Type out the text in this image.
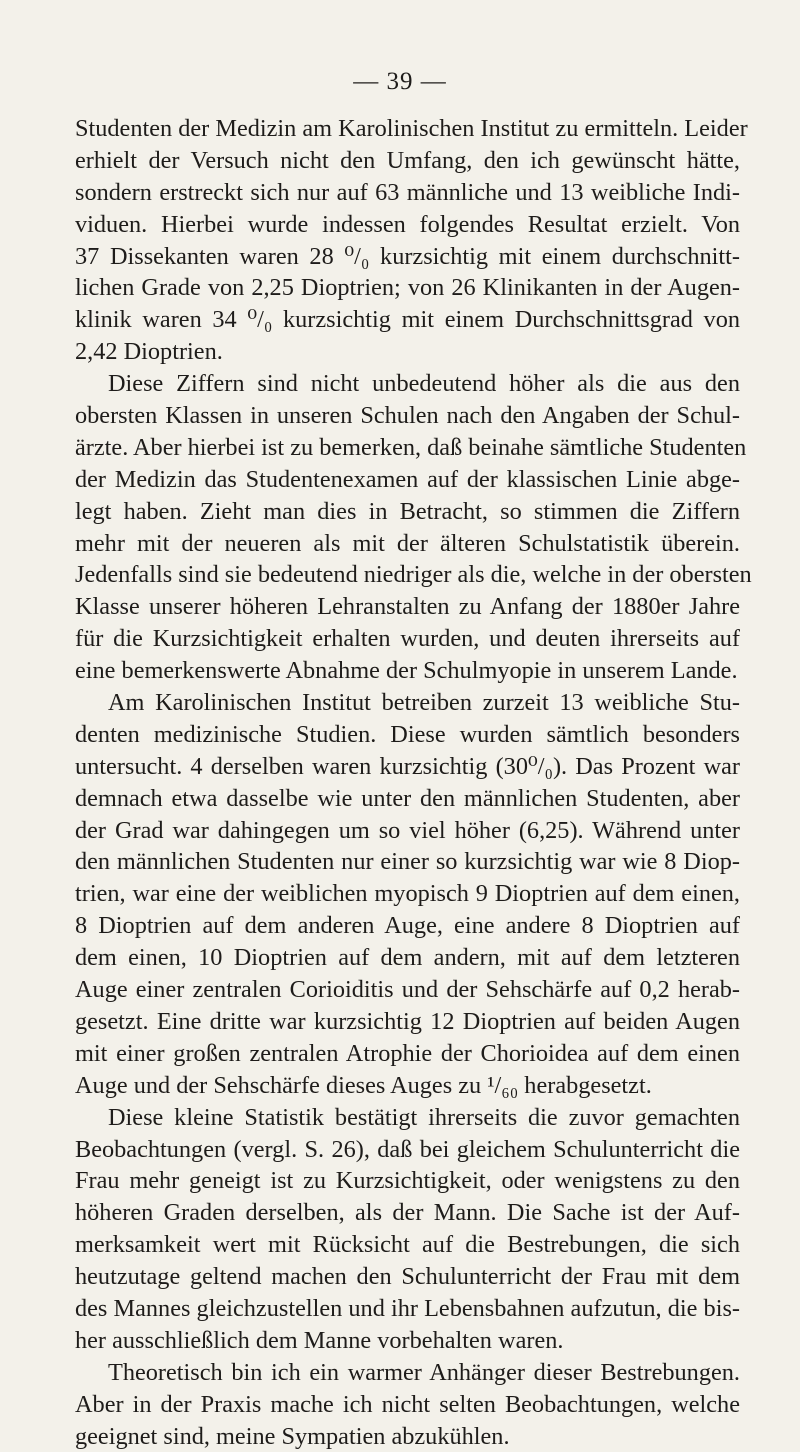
— 39 —
Studenten der Medizin am Karolinischen Institut zu ermitteln. Leider
erhielt der Versuch nicht den Umfang, den ich gewünscht hätte,
sondern erstreckt sich nur auf 63 männliche und 13 weibliche Indi-
viduen. Hierbei wurde indessen folgendes Resultat erzielt. Von
37 Dissekanten waren 28 ⁰/₀ kurzsichtig mit einem durchschnitt-
lichen Grade von 2,25 Dioptrien; von 26 Klinikanten in der Augen-
klinik waren 34 ⁰/₀ kurzsichtig mit einem Durchschnittsgrad von
2,42 Dioptrien.
Diese Ziffern sind nicht unbedeutend höher als die aus den
obersten Klassen in unseren Schulen nach den Angaben der Schul-
ärzte. Aber hierbei ist zu bemerken, daß beinahe sämtliche Studenten
der Medizin das Studentenexamen auf der klassischen Linie abge-
legt haben. Zieht man dies in Betracht, so stimmen die Ziffern
mehr mit der neueren als mit der älteren Schulstatistik überein.
Jedenfalls sind sie bedeutend niedriger als die, welche in der obersten
Klasse unserer höheren Lehranstalten zu Anfang der 1880er Jahre
für die Kurzsichtigkeit erhalten wurden, und deuten ihrerseits auf
eine bemerkenswerte Abnahme der Schulmyopie in unserem Lande.
Am Karolinischen Institut betreiben zurzeit 13 weibliche Stu-
denten medizinische Studien. Diese wurden sämtlich besonders
untersucht. 4 derselben waren kurzsichtig (30⁰/₀). Das Prozent war
demnach etwa dasselbe wie unter den männlichen Studenten, aber
der Grad war dahingegen um so viel höher (6,25). Während unter
den männlichen Studenten nur einer so kurzsichtig war wie 8 Diop-
trien, war eine der weiblichen myopisch 9 Dioptrien auf dem einen,
8 Dioptrien auf dem anderen Auge, eine andere 8 Dioptrien auf
dem einen, 10 Dioptrien auf dem andern, mit auf dem letzteren
Auge einer zentralen Corioiditis und der Sehschärfe auf 0,2 herab-
gesetzt. Eine dritte war kurzsichtig 12 Dioptrien auf beiden Augen
mit einer großen zentralen Atrophie der Chorioidea auf dem einen
Auge und der Sehschärfe dieses Auges zu ¹/₆₀ herabgesetzt.
Diese kleine Statistik bestätigt ihrerseits die zuvor gemachten
Beobachtungen (vergl. S. 26), daß bei gleichem Schulunterricht die
Frau mehr geneigt ist zu Kurzsichtigkeit, oder wenigstens zu den
höheren Graden derselben, als der Mann. Die Sache ist der Auf-
merksamkeit wert mit Rücksicht auf die Bestrebungen, die sich
heutzutage geltend machen den Schulunterricht der Frau mit dem
des Mannes gleichzustellen und ihr Lebensbahnen aufzutun, die bis-
her ausschließlich dem Manne vorbehalten waren.
Theoretisch bin ich ein warmer Anhänger dieser Bestrebungen.
Aber in der Praxis mache ich nicht selten Beobachtungen, welche
geeignet sind, meine Sympatien abzukühlen.
